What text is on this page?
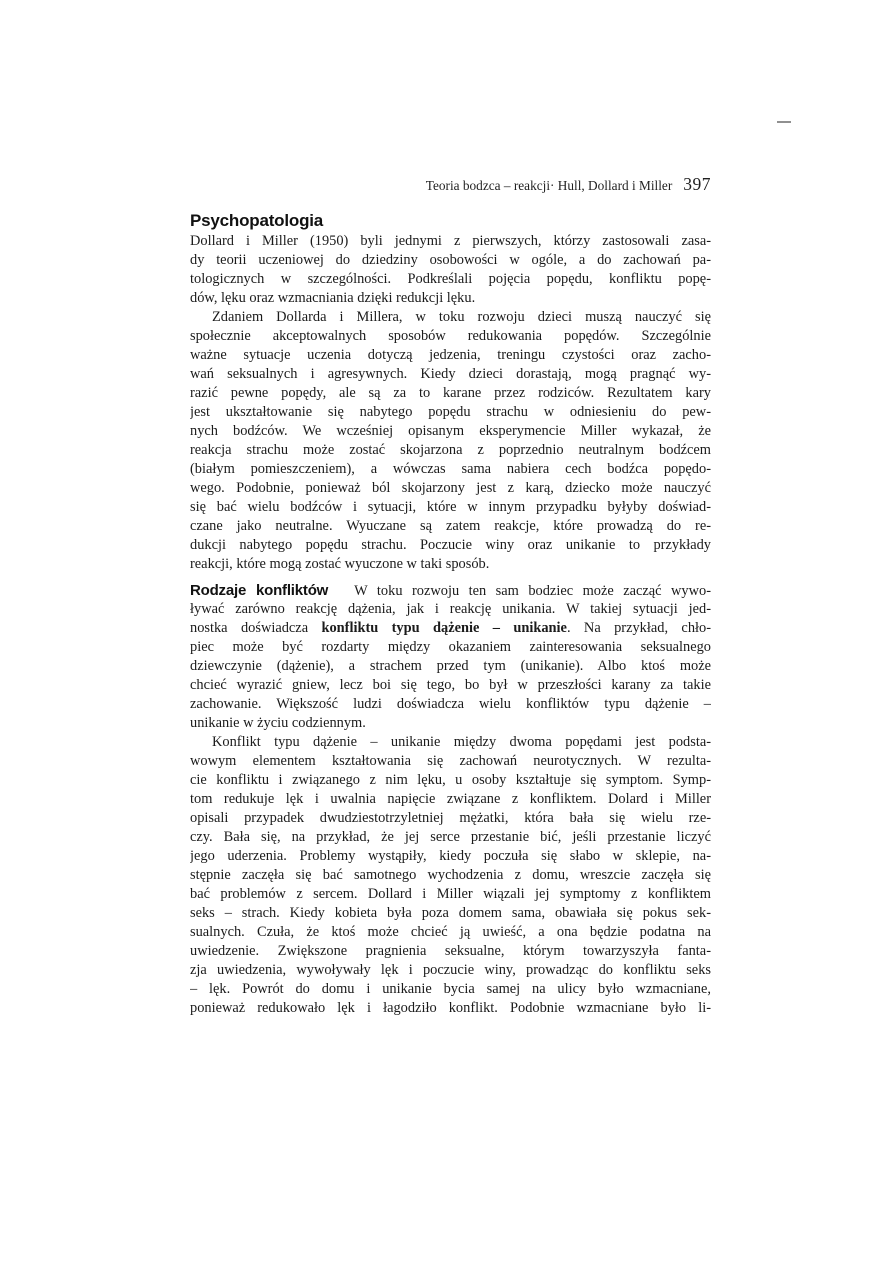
Teoria bodzca – reakcji· Hull, Dollard i Miller 397
Psychopatologia
Dollard i Miller (1950) byli jednymi z pierwszych, którzy zastosowali zasa-
dy teorii uczeniowej do dziedziny osobowości w ogóle, a do zachowań pa-
tologicznych w szczególności. Podkreślali pojęcia popędu, konfliktu popę-
dów, lęku oraz wzmacniania dzięki redukcji lęku.
Zdaniem Dollarda i Millera, w toku rozwoju dzieci muszą nauczyć się
społecznie akceptowalnych sposobów redukowania popędów. Szczególnie
ważne sytuacje uczenia dotyczą jedzenia, treningu czystości oraz zacho-
wań seksualnych i agresywnych. Kiedy dzieci dorastają, mogą pragnąć wy-
razić pewne popędy, ale są za to karane przez rodziców. Rezultatem kary
jest ukształtowanie się nabytego popędu strachu w odniesieniu do pew-
nych bodźców. We wcześniej opisanym eksperymencie Miller wykazał, że
reakcja strachu może zostać skojarzona z poprzednio neutralnym bodźcem
(białym pomieszczeniem), a wówczas sama nabiera cech bodźca popędo-
wego. Podobnie, ponieważ ból skojarzony jest z karą, dziecko może nauczyć
się bać wielu bodźców i sytuacji, które w innym przypadku byłyby doświad-
czane jako neutralne. Wyuczane są zatem reakcje, które prowadzą do re-
dukcji nabytego popędu strachu. Poczucie winy oraz unikanie to przykłady
reakcji, które mogą zostać wyuczone w taki sposób.
Rodzaje konfliktów W toku rozwoju ten sam bodziec może zacząć wywo-
ływać zarówno reakcję dążenia, jak i reakcję unikania. W takiej sytuacji jed-
nostka doświadcza konfliktu typu dążenie – unikanie. Na przykład, chło-
piec może być rozdarty między okazaniem zainteresowania seksualnego
dziewczynie (dążenie), a strachem przed tym (unikanie). Albo ktoś może
chcieć wyrazić gniew, lecz boi się tego, bo był w przeszłości karany za takie
zachowanie. Większość ludzi doświadcza wielu konfliktów typu dążenie –
unikanie w życiu codziennym.
Konflikt typu dążenie – unikanie między dwoma popędami jest podsta-
wowym elementem kształtowania się zachowań neurotycznych. W rezulta-
cie konfliktu i związanego z nim lęku, u osoby kształtuje się symptom. Symp-
tom redukuje lęk i uwalnia napięcie związane z konfliktem. Dolard i Miller
opisali przypadek dwudziestotrzyletniej mężatki, która bała się wielu rze-
czy. Bała się, na przykład, że jej serce przestanie bić, jeśli przestanie liczyć
jego uderzenia. Problemy wystąpiły, kiedy poczuła się słabo w sklepie, na-
stępnie zaczęła się bać samotnego wychodzenia z domu, wreszcie zaczęła się
bać problemów z sercem. Dollard i Miller wiązali jej symptomy z konfliktem
seks – strach. Kiedy kobieta była poza domem sama, obawiała się pokus sek-
sualnych. Czuła, że ktoś może chcieć ją uwieść, a ona będzie podatna na
uwiedzenie. Zwiększone pragnienia seksualne, którym towarzyszyła fanta-
zja uwiedzenia, wywoływały lęk i poczucie winy, prowadząc do konfliktu seks
– lęk. Powrót do domu i unikanie bycia samej na ulicy było wzmacniane,
ponieważ redukowało lęk i łagodziło konflikt. Podobnie wzmacniane było li-
